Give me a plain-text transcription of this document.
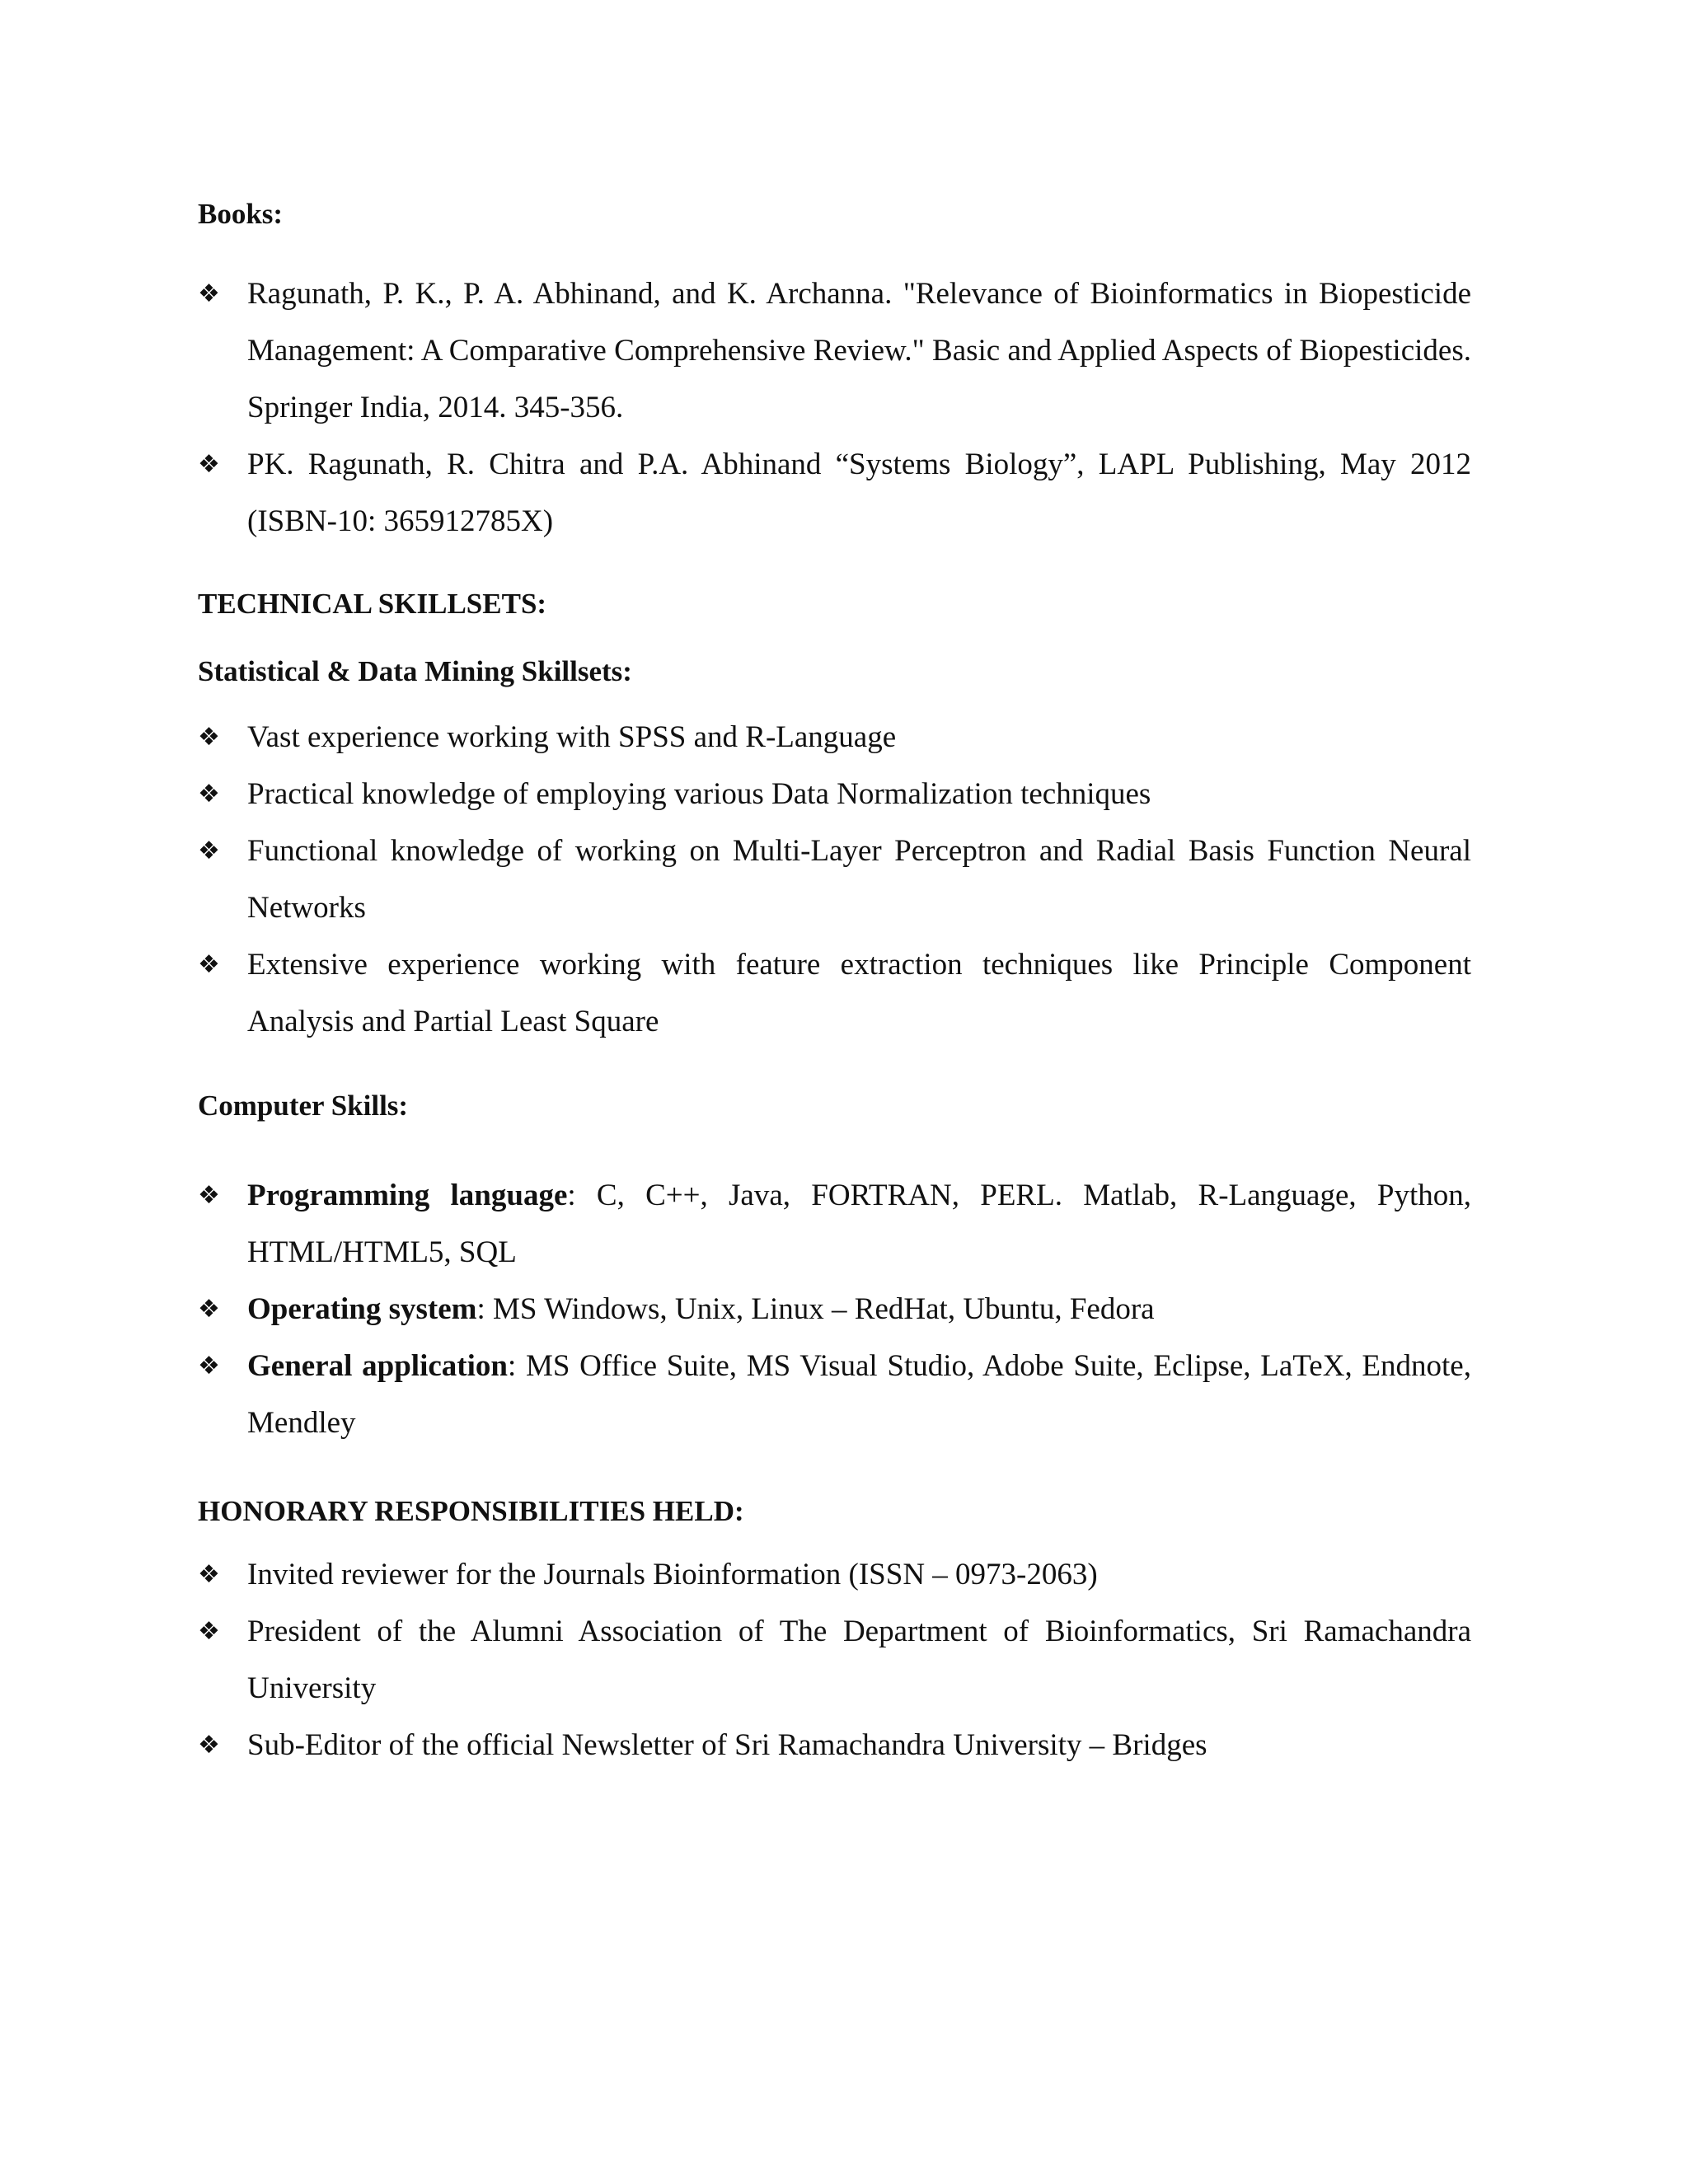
Books:
❖ Ragunath, P. K., P. A. Abhinand, and K. Archanna. "Relevance of Bioinformatics in Biopesticide Management: A Comparative Comprehensive Review." Basic and Applied Aspects of Biopesticides. Springer India, 2014. 345-356.
❖ PK. Ragunath, R. Chitra and P.A. Abhinand “Systems Biology”, LAPL Publishing, May 2012 (ISBN-10: 365912785X)
TECHNICAL SKILLSETS:
Statistical & Data Mining Skillsets:
❖ Vast experience working with SPSS and R-Language
❖ Practical knowledge of employing various Data Normalization techniques
❖ Functional knowledge of working on Multi-Layer Perceptron and Radial Basis Function Neural Networks
❖ Extensive experience working with feature extraction techniques like Principle Component Analysis and Partial Least Square
Computer Skills:
❖ Programming language: C, C++, Java, FORTRAN, PERL. Matlab, R-Language, Python, HTML/HTML5, SQL
❖ Operating system: MS Windows, Unix, Linux – RedHat, Ubuntu, Fedora
❖ General application: MS Office Suite, MS Visual Studio, Adobe Suite, Eclipse, LaTeX, Endnote, Mendley
HONORARY RESPONSIBILITIES HELD:
❖ Invited reviewer for the Journals Bioinformation (ISSN – 0973-2063)
❖ President of the Alumni Association of The Department of Bioinformatics, Sri Ramachandra University
❖ Sub-Editor of the official Newsletter of Sri Ramachandra University – Bridges
